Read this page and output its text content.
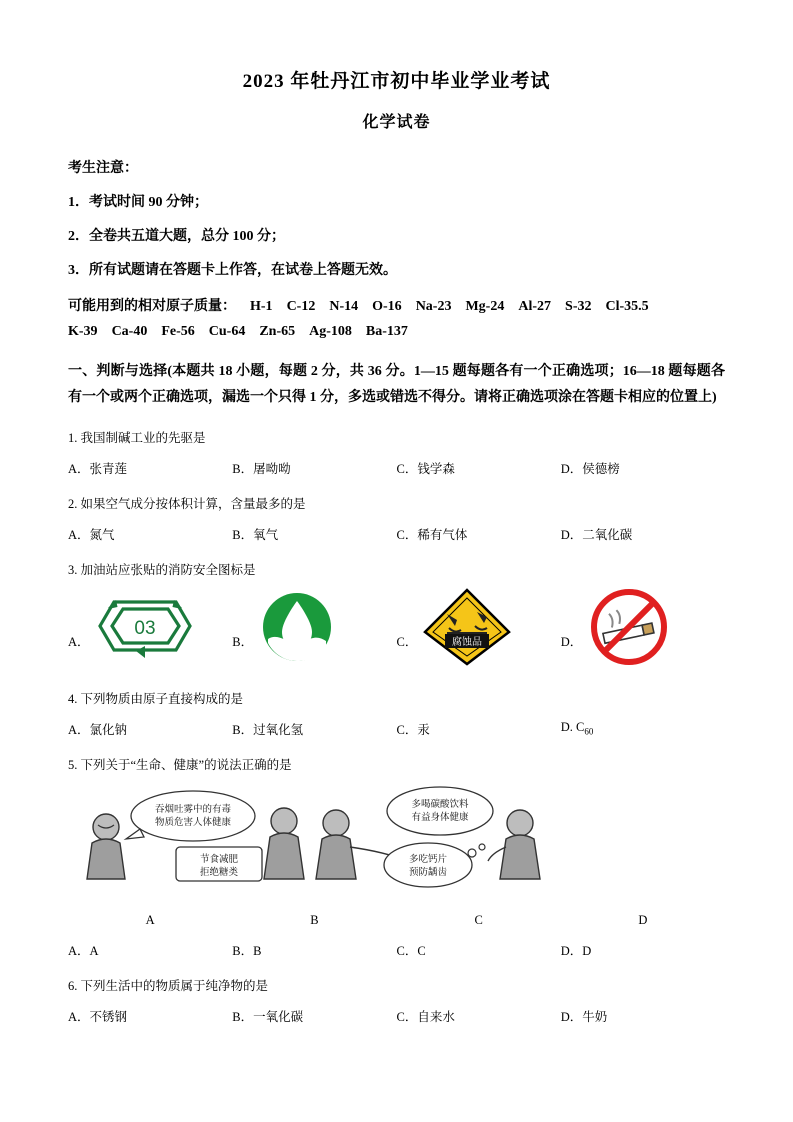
2023 年牡丹江市初中毕业学业考试
化学试卷
考生注意：
1．考试时间 90 分钟；
2．全卷共五道大题，总分 100 分；
3．所有试题请在答题卡上作答，在试卷上答题无效。
可能用到的相对原子质量： H-1 C-12 N-14 O-16 Na-23 Mg-24 Al-27 S-32 Cl-35.5
K-39 Ca-40 Fe-56 Cu-64 Zn-65 Ag-108 Ba-137
一、判断与选择(本题共 18 小题，每题 2 分，共 36 分。1—15 题每题各有一个正确选项；16—18 题每题各有一个或两个正确选项，漏选一个只得 1 分，多选或错选不得分。请将正确选项涂在答题卡相应的位置上)
1. 我国制碱工业的先驱是
A．张青莲	B．屠呦呦	C．钱学森	D．侯德榜
2. 如果空气成分按体积计算，含量最多的是
A．氮气	B．氧气	C．稀有气体	D．二氧化碳
3. 加油站应张贴的消防安全图标是
A．
03
B．	C．	腐蚀品	D．
4. 下列物质由原子直接构成的是
A．氯化钠	B．过氧化氢	C．汞	D. $C_{60}$
5. 下列关于“生命、健康”的说法正确的是
吞烟吐雾中的有毒
物质危害人体健康
节食减肥
拒绝糖类
多喝碳酸饮料
有益身体健康
多吃钙片
预防龋齿
A	B	C	D
A．A	B．B	C．C	D．D
6. 下列生活中的物质属于纯净物的是
A．不锈钢	B．一氧化碳	C．自来水	D．牛奶
